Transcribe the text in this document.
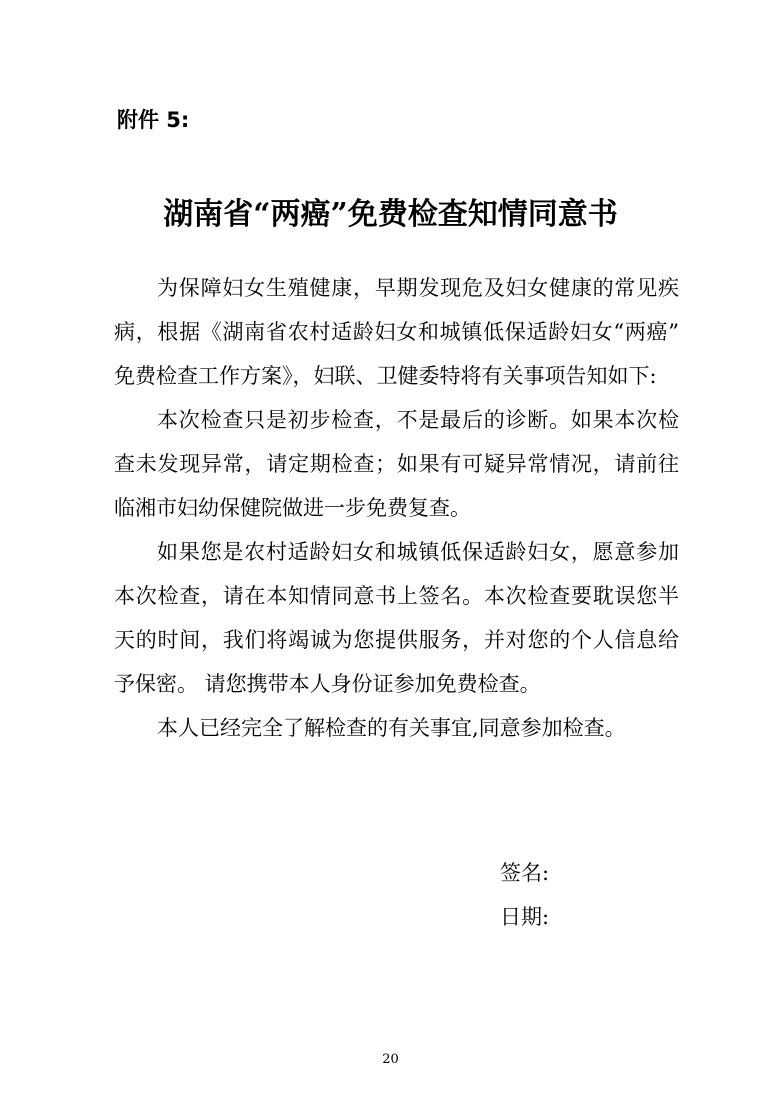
附件 5:
湖南省“两癌”免费检查知情同意书
为保障妇女生殖健康，早期发现危及妇女健康的常见疾
病，根据《湖南省农村适龄妇女和城镇低保适龄妇女“两癌”
免费检查工作方案》，妇联、卫健委特将有关事项告知如下:
本次检查只是初步检查，不是最后的诊断。如果本次检
查未发现异常，请定期检查；如果有可疑异常情况，请前往
临湘市妇幼保健院做进一步免费复查。
如果您是农村适龄妇女和城镇低保适龄妇女，愿意参加
本次检查，请在本知情同意书上签名。本次检查要耽误您半
天的时间，我们将竭诚为您提供服务，并对您的个人信息给
予保密。 请您携带本人身份证参加免费检查。
本人已经完全了解检查的有关事宜,同意参加检查。
签名:
日期:
20
